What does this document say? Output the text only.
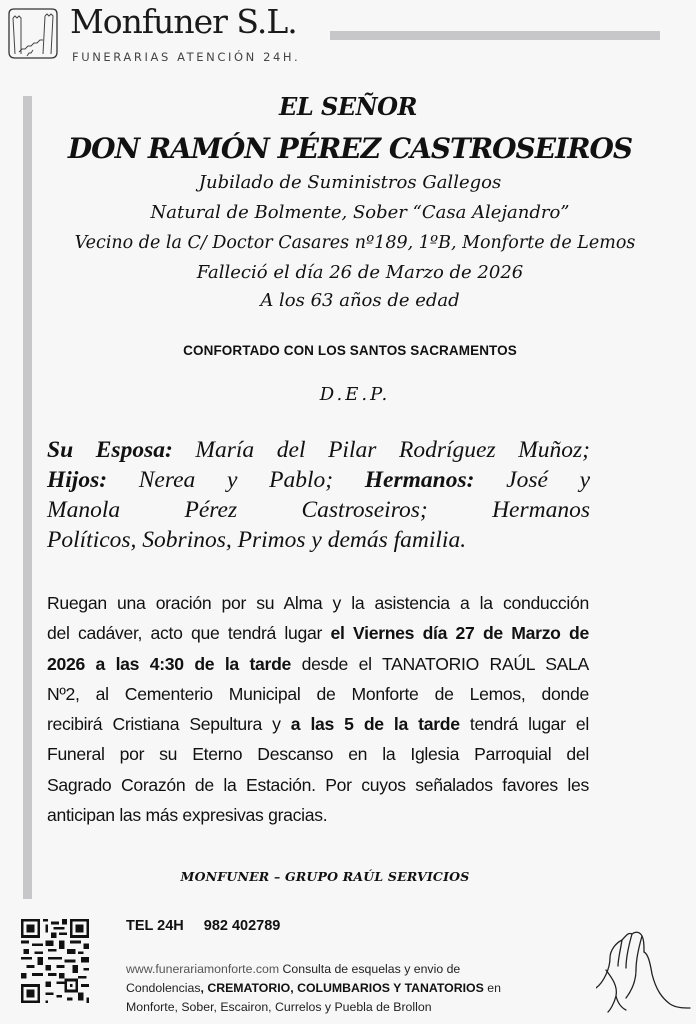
Monfuner S.L.
FUNERARIAS ATENCIÓN 24H.
EL SEÑOR
DON RAMÓN PÉREZ CASTROSEIROS
Jubilado de Suministros Gallegos
Natural de Bolmente, Sober “Casa Alejandro”
Vecino de la C/ Doctor Casares nº189, 1ºB, Monforte de Lemos
Falleció el día 26 de Marzo de 2026
A los 63 años de edad
CONFORTADO CON LOS SANTOS SACRAMENTOS
D.E.P.
Su Esposa: María del Pilar Rodríguez Muñoz;
Hijos: Nerea y Pablo; Hermanos: José y
Manola Pérez Castroseiros; Hermanos
Políticos, Sobrinos, Primos y demás familia.
Ruegan una oración por su Alma y la asistencia a la conducción
del cadáver, acto que tendrá lugar el Viernes día 27 de Marzo de
2026 a las 4:30 de la tarde desde el TANATORIO RAÚL SALA
Nº2, al Cementerio Municipal de Monforte de Lemos, donde
recibirá Cristiana Sepultura y a las 5 de la tarde tendrá lugar el
Funeral por su Eterno Descanso en la Iglesia Parroquial del
Sagrado Corazón de la Estación. Por cuyos señalados favores les
anticipan las más expresivas gracias.
MONFUNER – GRUPO RAÚL SERVICIOS
TEL 24H 982 402789
www.funerariamonforte.com Consulta de esquelas y envio de
Condolencias, CREMATORIO, COLUMBARIOS Y TANATORIOS en
Monforte, Sober, Escairon, Currelos y Puebla de Brollon
